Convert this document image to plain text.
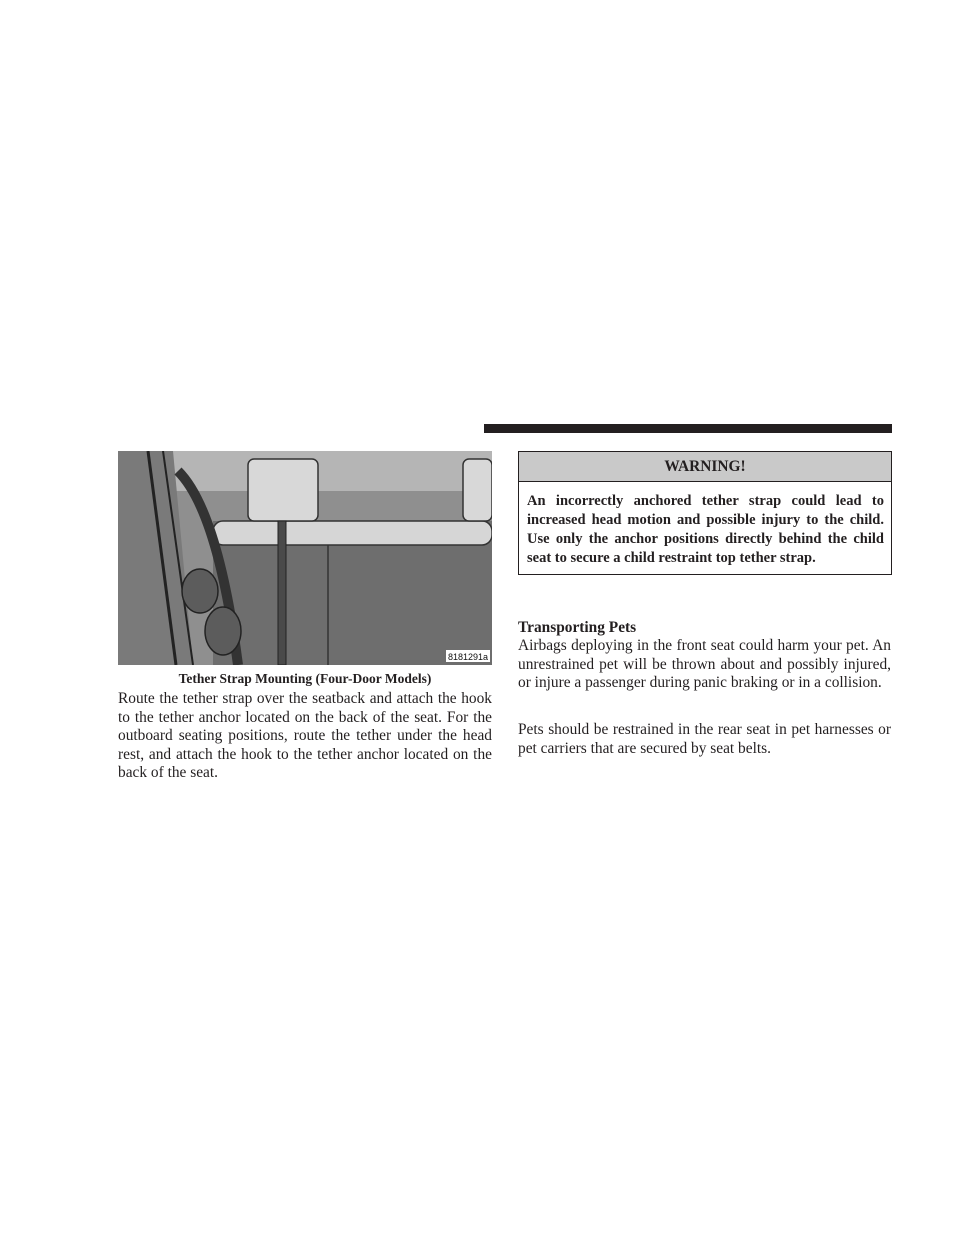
8181291a
Tether Strap Mounting (Four-Door Models)

Route the tether strap over the seatback and attach the hook to the tether anchor located on the back of the seat. For the outboard seating positions, route the tether under the head rest, and attach the hook to the tether anchor located on the back of the seat.

WARNING!
An incorrectly anchored tether strap could lead to increased head motion and possible injury to the child. Use only the anchor positions directly behind the child seat to secure a child restraint top tether strap.
Transporting Pets

Airbags deploying in the front seat could harm your pet. An unrestrained pet will be thrown about and possibly injured, or injure a passenger during panic braking or in a collision.

Pets should be restrained in the rear seat in pet harnesses or pet carriers that are secured by seat belts.
